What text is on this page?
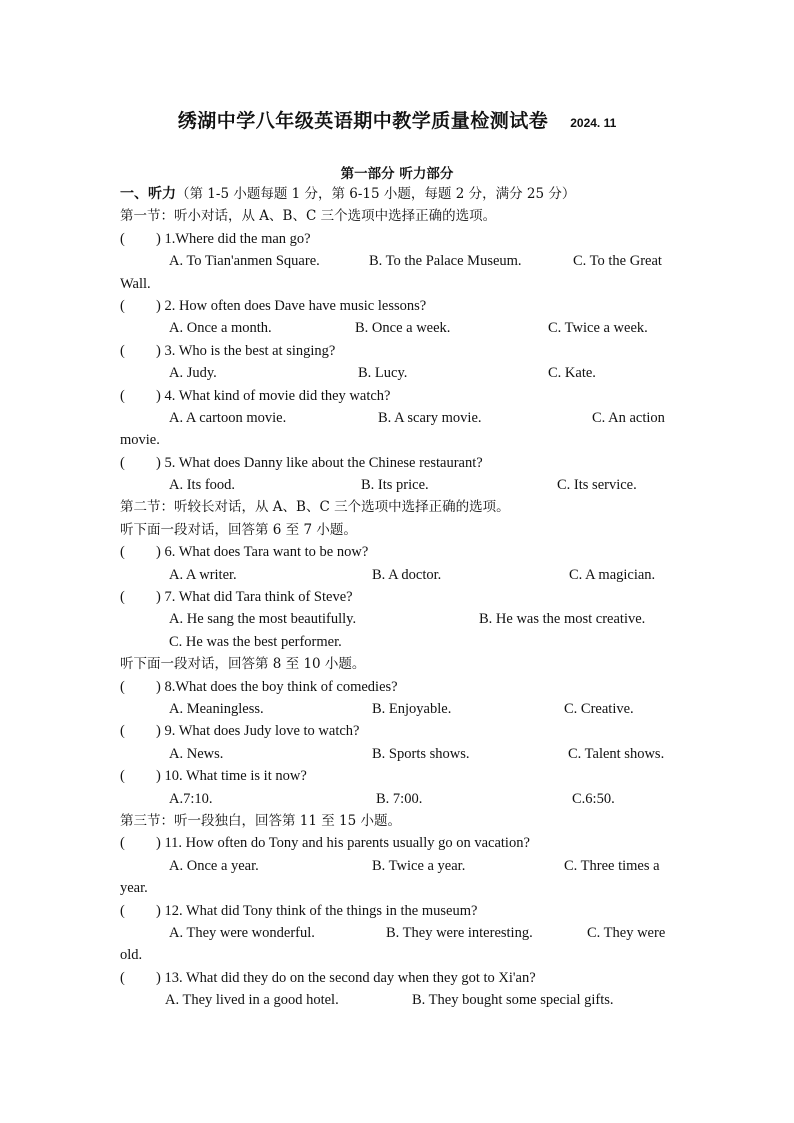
绣湖中学八年级英语期中教学质量检测试卷 2024. 11
第一部分 听力部分
一、听力（第 1-5 小题每题 1 分，第 6-15 小题，每题 2 分，满分 25 分）
第一节：听小对话，从 A、B、C 三个选项中选择正确的选项。
( ) 1.Where did the man go?
A. To Tian'anmen Square.	B. To the Palace Museum.	C. To the Great
Wall.
( ) 2. How often does Dave have music lessons?
A. Once a month.	B. Once a week.	C. Twice a week.
( ) 3. Who is the best at singing?
A. Judy.	B. Lucy.	C. Kate.
( ) 4. What kind of movie did they watch?
A. A cartoon movie.	B. A scary movie.	C. An action
movie.
( ) 5. What does Danny like about the Chinese restaurant?
A. Its food.	B. Its price.	C. Its service.
第二节：听较长对话，从 A、B、C 三个选项中选择正确的选项。
听下面一段对话，回答第 6 至 7 小题。
( ) 6. What does Tara want to be now?
A. A writer.	B. A doctor.	C. A magician.
( ) 7. What did Tara think of Steve?
A. He sang the most beautifully.	B. He was the most creative.
C. He was the best performer.
听下面一段对话，回答第 8 至 10 小题。
( ) 8.What does the boy think of comedies?
A. Meaningless.	B. Enjoyable.	C. Creative.
( ) 9. What does Judy love to watch?
A. News.	B. Sports shows.	C. Talent shows.
( ) 10. What time is it now?
A.7:10.	B. 7:00.	C.6:50.
第三节：听一段独白，回答第 11 至 15 小题。
( ) 11. How often do Tony and his parents usually go on vacation?
A. Once a year.	B. Twice a year.	C. Three times a
year.
( ) 12. What did Tony think of the things in the museum?
A. They were wonderful.	B. They were interesting.	C. They were
old.
( ) 13. What did they do on the second day when they got to Xi'an?
A. They lived in a good hotel.	B. They bought some special gifts.
